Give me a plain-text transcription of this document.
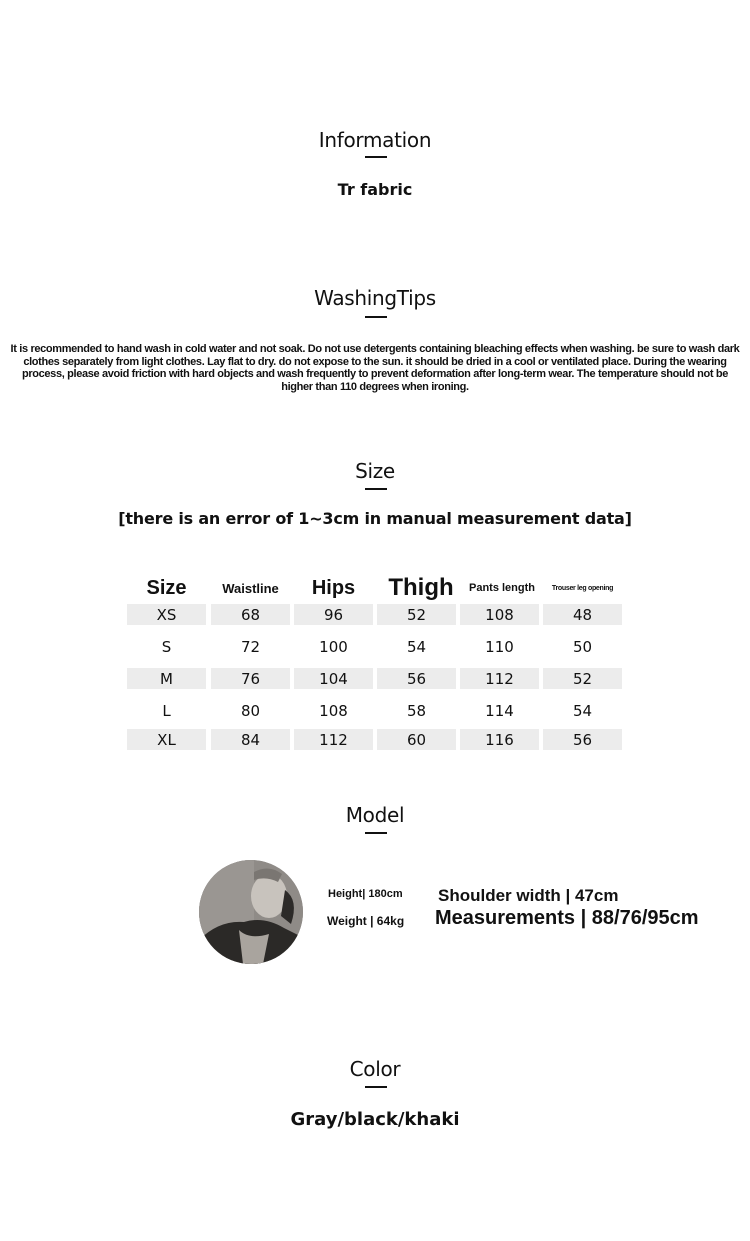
Information
Tr fabric
WashingTips
It is recommended to hand wash in cold water and not soak. Do not use detergents containing bleaching effects when washing. be sure to wash dark clothes separately from light clothes. Lay flat to dry. do not expose to the sun. it should be dried in a cool or ventilated place. During the wearing process, please avoid friction with hard objects and wash frequently to prevent deformation after long-term wear. The temperature should not be higher than 110 degrees when ironing.
Size
[there is an error of 1~3cm in manual measurement data]
Size	Waistline	Hips	Thigh	Pants length	Trouser leg opening
XS	68	96	52	108	48
S	72	100	54	110	50
M	76	104	56	112	52
L	80	108	58	114	54
XL	84	112	60	116	56
Model
Height| 180cm
Weight | 64kg
Shoulder width | 47cm
Measurements | 88/76/95cm
Color
Gray/black/khaki
